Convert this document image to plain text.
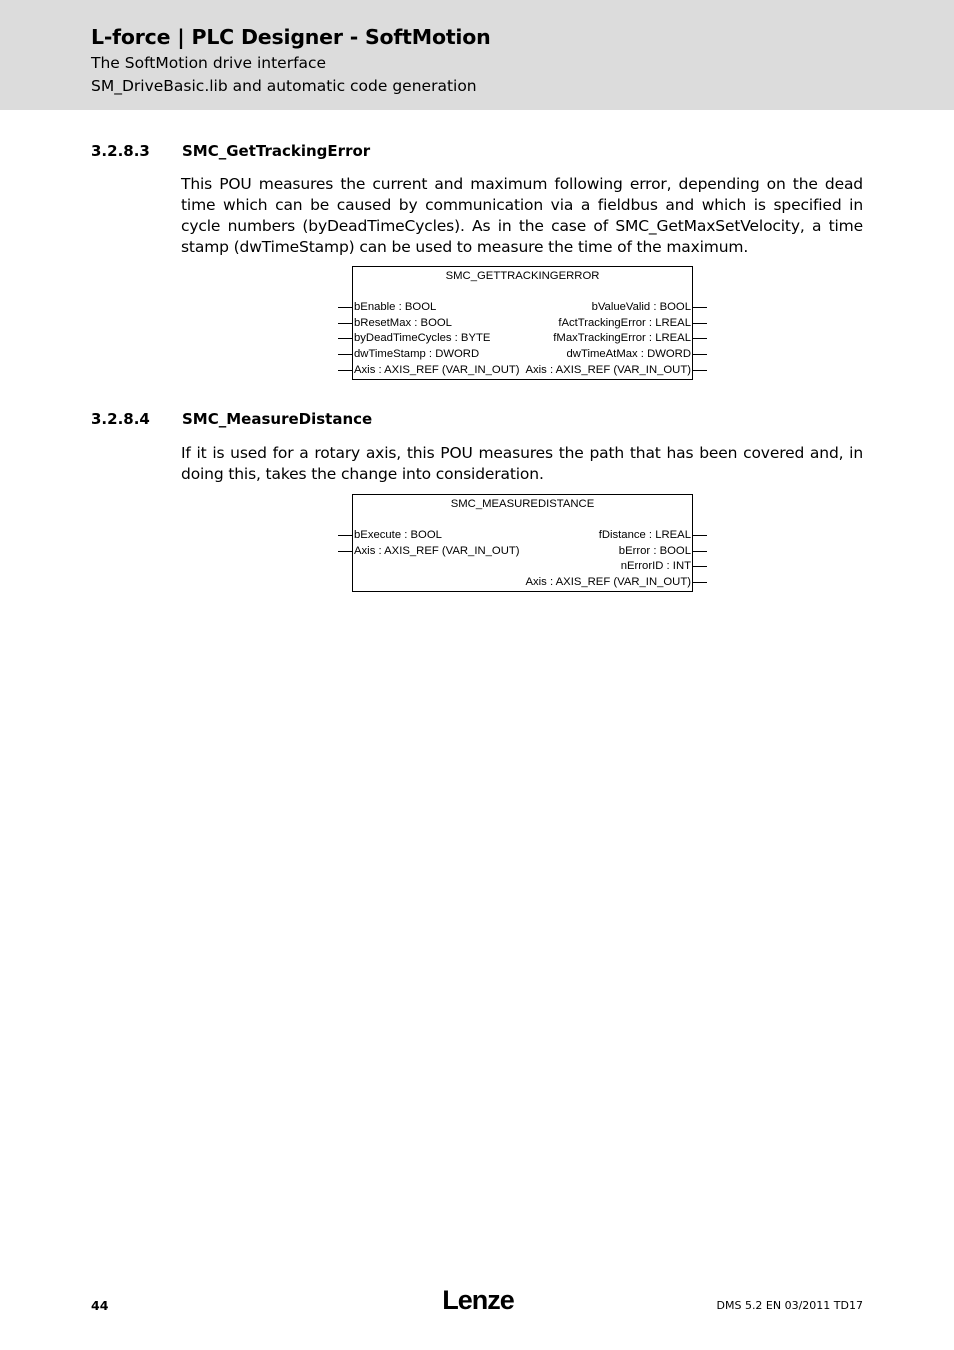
L-force | PLC Designer - SoftMotion
The SoftMotion drive interface
SM_DriveBasic.lib and automatic code generation
3.2.8.3 SMC_GetTrackingError
This POU measures the current and maximum following error, depending on the dead time which can be caused by communication via a fieldbus and which is specified in cycle numbers (byDeadTimeCycles). As in the case of SMC_GetMaxSetVelocity, a time stamp (dwTimeStamp) can be used to measure the time of the maximum.
SMC_GETTRACKINGERROR
bEnable : BOOL
bResetMax : BOOL
byDeadTimeCycles : BYTE
dwTimeStamp : DWORD
Axis : AXIS_REF (VAR_IN_OUT)
bValueValid : BOOL
fActTrackingError : LREAL
fMaxTrackingError : LREAL
dwTimeAtMax : DWORD
Axis : AXIS_REF (VAR_IN_OUT)
3.2.8.4 SMC_MeasureDistance
If it is used for a rotary axis, this POU measures the path that has been covered and, in doing this, takes the change into consideration.
SMC_MEASUREDISTANCE
bExecute : BOOL
Axis : AXIS_REF (VAR_IN_OUT)
fDistance : LREAL
bError : BOOL
nErrorID : INT
Axis : AXIS_REF (VAR_IN_OUT)
44	Lenze	DMS 5.2 EN 03/2011 TD17
